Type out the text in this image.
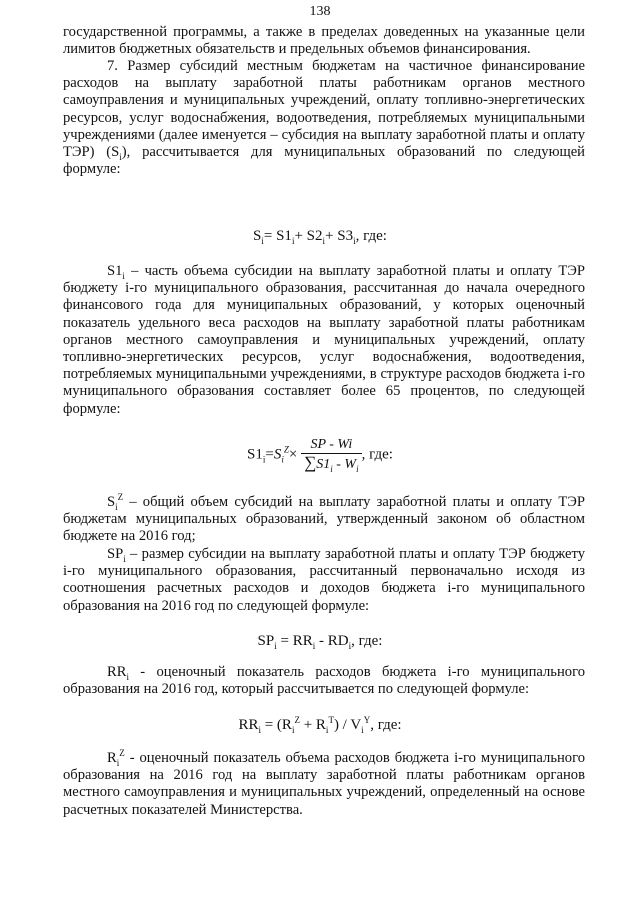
138
государственной программы, а также в пределах доведенных на указанные цели лимитов бюджетных обязательств и предельных объемов финансирования.
7. Размер субсидий местным бюджетам на частичное финансирование расходов на выплату заработной платы работникам органов местного самоуправления и муниципальных учреждений, оплату топливно-энергетических ресурсов, услуг водоснабжения, водоотведения, потребляемых муниципальными учреждениями (далее именуется – субсидия на выплату заработной платы и оплату ТЭР) $(S_i)$, рассчитывается для муниципальных образований по следующей формуле:
$S_i= S1_i+ S2_i+ S3_i$, где:
$S1_i$ – часть объема субсидии на выплату заработной платы и оплату ТЭР бюджету i-го муниципального образования, рассчитанная до начала очередного финансового года для муниципальных образований, у которых оценочный показатель удельного веса расходов на выплату заработной платы работникам органов местного самоуправления и муниципальных учреждений, оплату топливно-энергетических ресурсов, услуг водоснабжения, водоотведения, потребляемых муниципальными учреждениями, в структуре расходов бюджета i-го муниципального образования составляет более 65 процентов, по следующей формуле:
$S1_i=S_i^Z\times \frac{SP - Wi}{\sum S1_i - W_i}$ , где:
$S_i^Z$ – общий объем субсидий на выплату заработной платы и оплату ТЭР бюджетам муниципальных образований, утвержденный законом об областном бюджете на 2016 год;
$SP_i$ – размер субсидии на выплату заработной платы и оплату ТЭР бюджету i-го муниципального образования, рассчитанный первоначально исходя из соотношения расчетных расходов и доходов бюджета i-го муниципального образования на 2016 год по следующей формуле:
$SP_i = RR_i - RD_i$, где:
$RR_i$ - оценочный показатель расходов бюджета i-го муниципального образования на 2016 год, который рассчитывается по следующей формуле:
$RR_i = (R_i^Z + R_i^T) / V_i^Y$, где:
$R_i^Z$ - оценочный показатель объема расходов бюджета i-го муниципального образования на 2016 год на выплату заработной платы работникам органов местного самоуправления и муниципальных учреждений, определенный на основе расчетных показателей Министерства.
